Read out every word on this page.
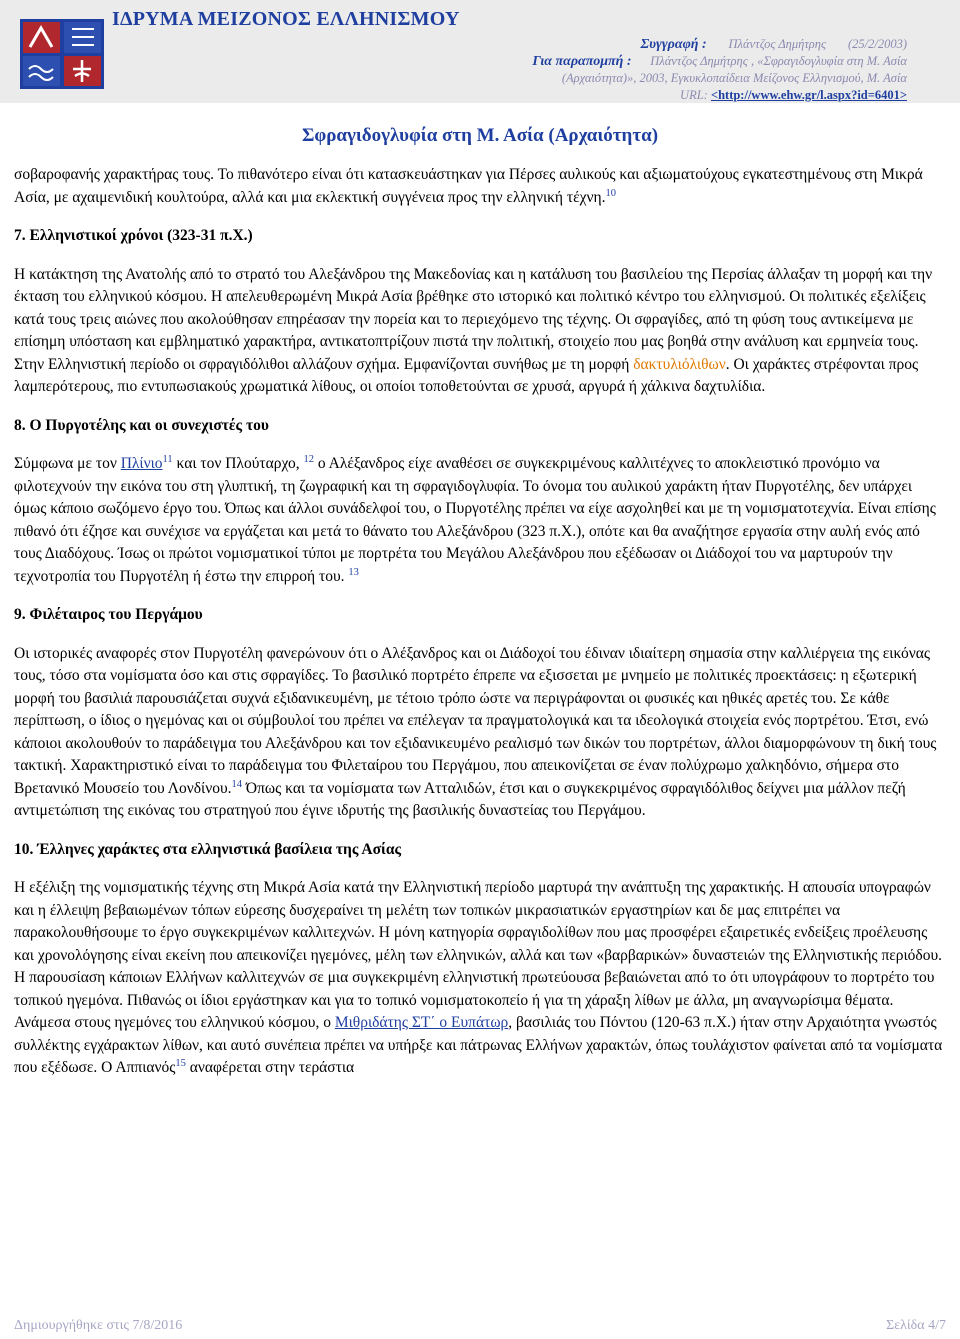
ΙΔΡΥΜΑ ΜΕΙΖΟΝΟΣ ΕΛΛΗΝΙΣΜΟΥ
Συγγραφή : Πλάντζος Δημήτρης (25/2/2003)
Για παραπομπή : Πλάντζος Δημήτρης , «Σφραγιδογλυφία στη Μ. Ασία
(Αρχαιότητα)», 2003, Εγκυκλοπαίδεια Μείζονος Ελληνισμού, Μ. Ασία
URL: <http://www.ehw.gr/l.aspx?id=6401>
Σφραγιδογλυφία στη Μ. Ασία (Αρχαιότητα)

σοβαροφανής χαρακτήρας τους. Το πιθανότερο είναι ότι κατασκευάστηκαν για Πέρσες αυλικούς και αξιωματούχους εγκατεστημένους στη Μικρά Ασία, με αχαιμενιδική κουλτούρα, αλλά και μια εκλεκτική συγγένεια προς την ελληνική τέχνη.$^{10}$

7. Ελληνιστικοί χρόνοι (323-31 π.Χ.)

Η κατάκτηση της Ανατολής από το στρατό του Αλεξάνδρου της Μακεδονίας και η κατάλυση του βασιλείου της Περσίας άλλαξαν τη μορφή και την έκταση του ελληνικού κόσμου. Η απελευθερωμένη Μικρά Ασία βρέθηκε στο ιστορικό και πολιτικό κέντρο του ελληνισμού. Οι πολιτικές εξελίξεις κατά τους τρεις αιώνες που ακολούθησαν επηρέασαν την πορεία και το περιεχόμενο της τέχνης. Οι σφραγίδες, από τη φύση τους αντικείμενα με επίσημη υπόσταση και εμβληματικό χαρακτήρα, αντικατοπτρίζουν πιστά την πολιτική, στοιχείο που μας βοηθά στην ανάλυση και ερμηνεία τους. Στην Ελληνιστική περίοδο οι σφραγιδόλιθοι αλλάζουν σχήμα. Εμφανίζονται συνήθως με τη μορφή δακτυλιόλιθων. Οι χαράκτες στρέφονται προς λαμπερότερους, πιο εντυπωσιακούς χρωματικά λίθους, οι οποίοι τοποθετούνται σε χρυσά, αργυρά ή χάλκινα δαχτυλίδια.

8. Ο Πυργοτέλης και οι συνεχιστές του

Σύμφωνα με τον Πλίνιο$^{11}$ και τον Πλούταρχο, $^{12}$ ο Αλέξανδρος είχε αναθέσει σε συγκεκριμένους καλλιτέχνες το αποκλειστικό προνόμιο να φιλοτεχνούν την εικόνα του στη γλυπτική, τη ζωγραφική και τη σφραγιδογλυφία. Το όνομα του αυλικού χαράκτη ήταν Πυργοτέλης, δεν υπάρχει όμως κάποιο σωζόμενο έργο του. Όπως και άλλοι συνάδελφοί του, ο Πυργοτέλης πρέπει να είχε ασχοληθεί και με τη νομισματοτεχνία. Είναι επίσης πιθανό ότι έζησε και συνέχισε να εργάζεται και μετά το θάνατο του Αλεξάνδρου (323 π.Χ.), οπότε και θα αναζήτησε εργασία στην αυλή ενός από τους Διαδόχους. Ίσως οι πρώτοι νομισματικοί τύποι με πορτρέτα του Μεγάλου Αλεξάνδρου που εξέδωσαν οι Διάδοχοί του να μαρτυρούν την τεχνοτροπία του Πυργοτέλη ή έστω την επιρροή του. $^{13}$

9. Φιλέταιρος του Περγάμου

Οι ιστορικές αναφορές στον Πυργοτέλη φανερώνουν ότι ο Αλέξανδρος και οι Διάδοχοί του έδιναν ιδιαίτερη σημασία στην καλλιέργεια της εικόνας τους, τόσο στα νομίσματα όσο και στις σφραγίδες. Το βασιλικό πορτρέτο έπρεπε να εξισσεται με μνημείο με πολιτικές προεκτάσεις: η εξωτερική μορφή του βασιλιά παρουσιάζεται συχνά εξιδανικευμένη, με τέτοιο τρόπο ώστε να περιγράφονται οι φυσικές και ηθικές αρετές του. Σε κάθε περίπτωση, ο ίδιος ο ηγεμόνας και οι σύμβουλοί του πρέπει να επέλεγαν τα πραγματολογικά και τα ιδεολογικά στοιχεία ενός πορτρέτου. Έτσι, ενώ κάποιοι ακολουθούν το παράδειγμα του Αλεξάνδρου και τον εξιδανικευμένο ρεαλισμό των δικών του πορτρέτων, άλλοι διαμορφώνουν τη δική τους τακτική. Χαρακτηριστικό είναι το παράδειγμα του Φιλεταίρου του Περγάμου, που απεικονίζεται σε έναν πολύχρωμο χαλκηδόνιο, σήμερα στο Βρετανικό Μουσείο του Λονδίνου.$^{14}$ Όπως και τα νομίσματα των Ατταλιδών, έτσι και ο συγκεκριμένος σφραγιδόλιθος δείχνει μια μάλλον πεζή αντιμετώπιση της εικόνας του στρατηγού που έγινε ιδρυτής της βασιλικής δυναστείας του Περγάμου.

10. Έλληνες χαράκτες στα ελληνιστικά βασίλεια της Ασίας

Η εξέλιξη της νομισματικής τέχνης στη Μικρά Ασία κατά την Ελληνιστική περίοδο μαρτυρά την ανάπτυξη της χαρακτικής. Η απουσία υπογραφών και η έλλειψη βεβαιωμένων τόπων εύρεσης δυσχεραίνει τη μελέτη των τοπικών μικρασιατικών εργαστηρίων και δε μας επιτρέπει να παρακολουθήσουμε το έργο συγκεκριμένων καλλιτεχνών. Η μόνη κατηγορία σφραγιδολίθων που μας προσφέρει εξαιρετικές ενδείξεις προέλευσης και χρονολόγησης είναι εκείνη που απεικονίζει ηγεμόνες, μέλη των ελληνικών, αλλά και των «βαρβαρικών» δυναστειών της Ελληνιστικής περιόδου. Η παρουσίαση κάποιων Ελλήνων καλλιτεχνών σε μια συγκεκριμένη ελληνιστική πρωτεύουσα βεβαιώνεται από το ότι υπογράφουν το πορτρέτο του τοπικού ηγεμόνα. Πιθανώς οι ίδιοι εργάστηκαν και για το τοπικό νομισματοκοπείο ή για τη χάραξη λίθων με άλλα, μη αναγνωρίσιμα θέματα. Ανάμεσα στους ηγεμόνες του ελληνικού κόσμου, ο Μιθριδάτης ΣΤ΄ ο Ευπάτωρ, βασιλιάς του Πόντου (120-63 π.Χ.) ήταν στην Αρχαιότητα γνωστός συλλέκτης εγχάρακτων λίθων, και αυτό συνέπεια πρέπει να υπήρξε και πάτρωνας Ελλήνων χαρακτών, όπως τουλάχιστον φαίνεται από τα νομίσματα που εξέδωσε. Ο Αππιανός$^{15}$ αναφέρεται στην τεράστια

Δημιουργήθηκε στις 7/8/2016	Σελίδα 4/7
